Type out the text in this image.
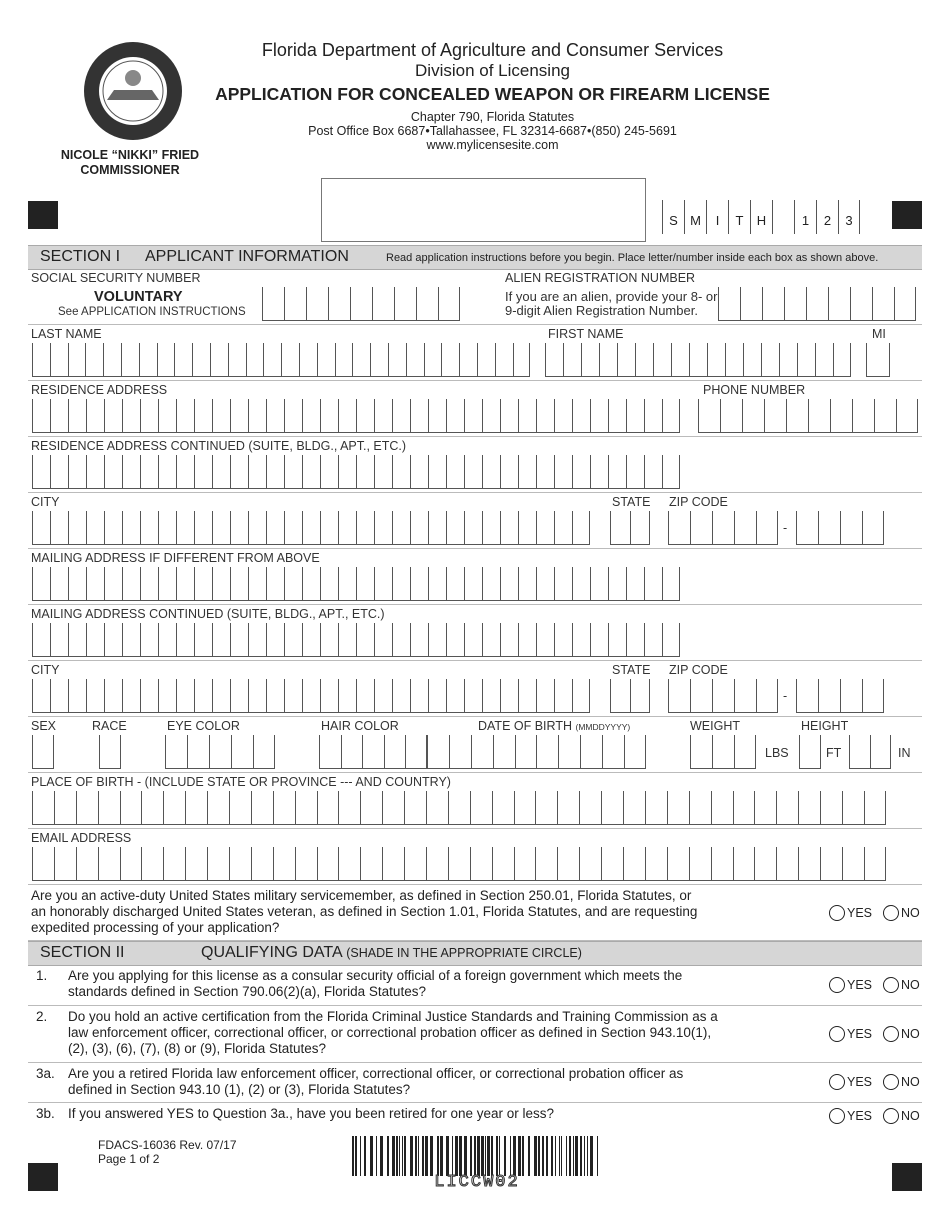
NICOLE “NIKKI” FRIED
COMMISSIONER
Florida Department of Agriculture and Consumer Services
Division of Licensing
APPLICATION FOR CONCEALED WEAPON OR FIREARM LICENSE
Chapter 790, Florida Statutes
Post Office Box 6687•Tallahassee, FL 32314-6687•(850) 245-5691
www.mylicensesite.com
S M	I	T	H	1	2	3
SECTION I APPLICANT INFORMATION	Read application instructions before you begin. Place letter/number inside each box as shown above.
SOCIAL SECURITY NUMBER
VOLUNTARY
See APPLICATION INSTRUCTIONS
ALIEN REGISTRATION NUMBER
If you are an alien, provide your 8- or
9-digit Alien Registration Number.
LAST NAME	FIRST NAME	MI
RESIDENCE ADDRESS	PHONE NUMBER
RESIDENCE ADDRESS CONTINUED (SUITE, BLDG., APT., ETC.)
CITY	STATE ZIP CODE
-
MAILING ADDRESS IF DIFFERENT FROM ABOVE
MAILING ADDRESS CONTINUED (SUITE, BLDG., APT., ETC.)
CITY	STATE ZIP CODE
-
SEX	RACE	EYE COLOR	HAIR COLOR	DATE OF BIRTH (MMDDYYYY)	WEIGHT	HEIGHT
LBS	FT	IN
PLACE OF BIRTH - (INCLUDE STATE OR PROVINCE --- AND COUNTRY)
EMAIL ADDRESS
Are you an active-duty United States military servicemember, as defined in Section 250.01, Florida Statutes, or
an honorably discharged United States veteran, as defined in Section 1.01, Florida Statutes, and are requesting
expedited processing of your application?
YES NO
SECTION II	QUALIFYING DATA (SHADE IN THE APPROPRIATE CIRCLE)
1. Are you applying for this license as a consular security official of a foreign government which meets the
standards defined in Section 790.06(2)(a), Florida Statutes?	YES NO
2. Do you hold an active certification from the Florida Criminal Justice Standards and Training Commission as a
law enforcement officer, correctional officer, or correctional probation officer as defined in Section 943.10(1),
(2), (3), (6), (7), (8) or (9), Florida Statutes?
YES NO
3a. Are you a retired Florida law enforcement officer, correctional officer, or correctional probation officer as
defined in Section 943.10 (1), (2) or (3), Florida Statutes?	YES NO
3b. If you answered YES to Question 3a., have you been retired for one year or less?	YES NO
FDACS-16036 Rev. 07/17
Page 1 of 2
LICCW02
